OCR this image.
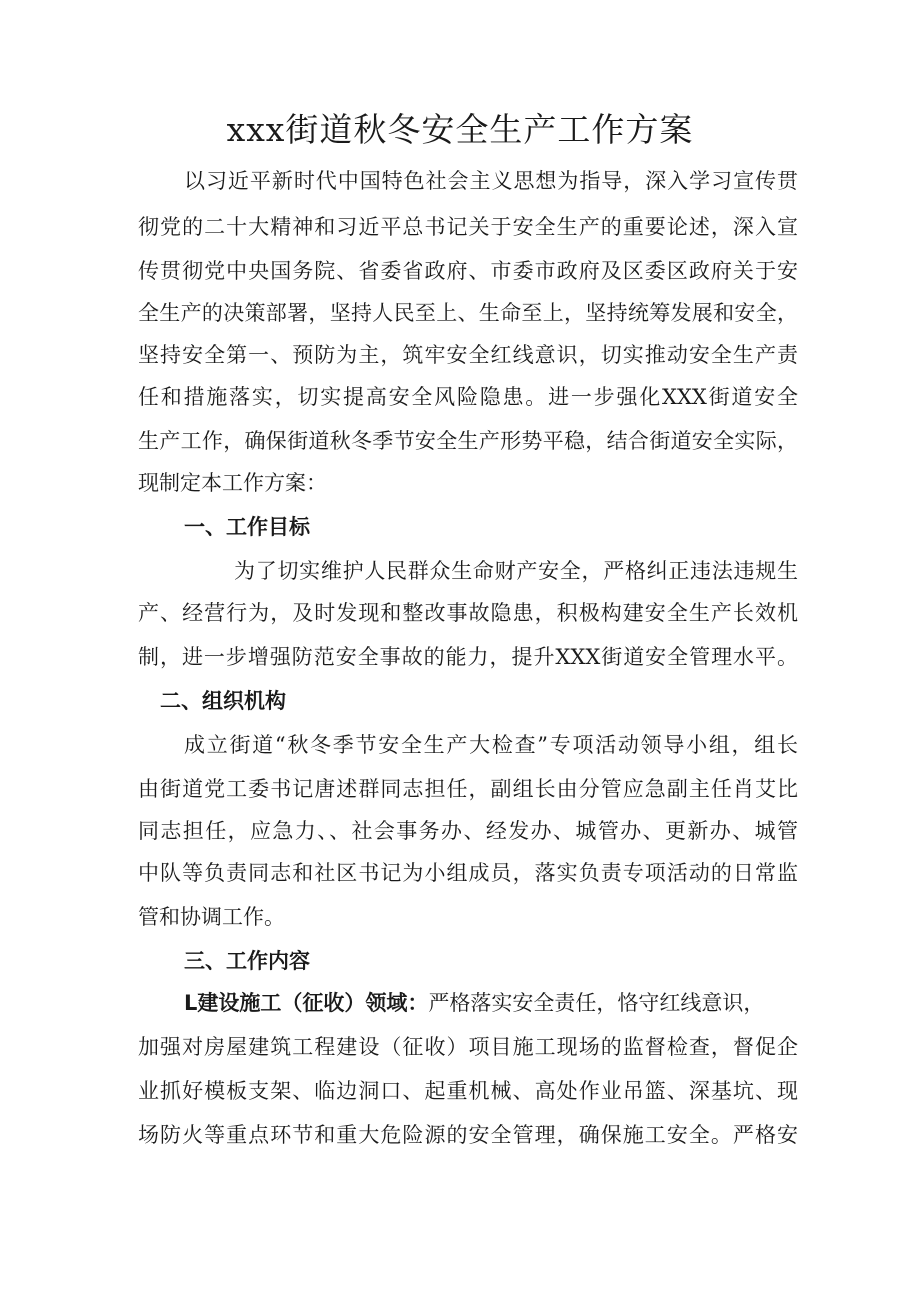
xxx街道秋冬安全生产工作方案
以习近平新时代中国特色社会主义思想为指导，深入学习宣传贯
彻党的二十大精神和习近平总书记关于安全生产的重要论述，深入宣
传贯彻党中央国务院、省委省政府、市委市政府及区委区政府关于安
全生产的决策部署，坚持人民至上、生命至上，坚持统筹发展和安全，
坚持安全第一、预防为主，筑牢安全红线意识，切实推动安全生产责
任和措施落实，切实提高安全风险隐患。进一步强化XXX街道安全
生产工作，确保街道秋冬季节安全生产形势平稳，结合街道安全实际，
现制定本工作方案：
一、工作目标
为了切实维护人民群众生命财产安全，严格纠正违法违规生
产、经营行为，及时发现和整改事故隐患，积极构建安全生产长效机
制，进一步增强防范安全事故的能力，提升XXX街道安全管理水平。
二、组织机构
成立街道“秋冬季节安全生产大检查”专项活动领导小组，组长
由街道党工委书记唐述群同志担任，副组长由分管应急副主任肖艾比
同志担任，应急力、、社会事务办、经发办、城管办、更新办、城管
中队等负责同志和社区书记为小组成员，落实负责专项活动的日常监
管和协调工作。
三、工作内容
L建设施工（征收）领域：严格落实安全责任，恪守红线意识，
加强对房屋建筑工程建设（征收）项目施工现场的监督检查，督促企
业抓好模板支架、临边洞口、起重机械、高处作业吊篮、深基坑、现
场防火等重点环节和重大危险源的安全管理，确保施工安全。严格安
